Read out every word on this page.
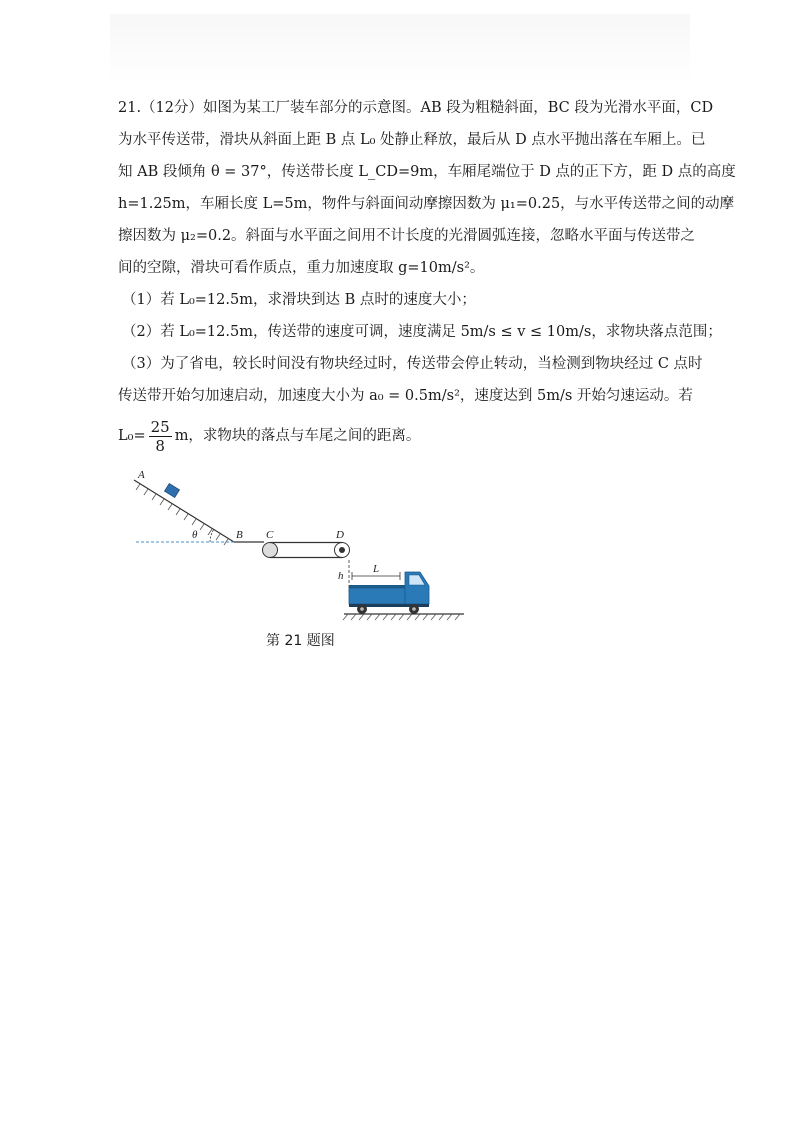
21.（12分）如图为某工厂装车部分的示意图。AB 段为粗糙斜面，BC 段为光滑水平面，CD

为水平传送带，滑块从斜面上距 B 点 L₀ 处静止释放，最后从 D 点水平抛出落在车厢上。已

知 AB 段倾角 θ = 37°，传送带长度 L_CD=9m，车厢尾端位于 D 点的正下方，距 D 点的高度

h=1.25m，车厢长度 L=5m，物件与斜面间动摩擦因数为 μ₁=0.25，与水平传送带之间的动摩

擦因数为 μ₂=0.2。斜面与水平面之间用不计长度的光滑圆弧连接，忽略水平面与传送带之

间的空隙，滑块可看作质点，重力加速度取 g=10m/s²。

（1）若 L₀=12.5m，求滑块到达 B 点时的速度大小；
（2）若 L₀=12.5m，传送带的速度可调，速度满足 5m/s ≤ v ≤ 10m/s，求物块落点范围；
（3）为了省电，较长时间没有物块经过时，传送带会停止转动，当检测到物块经过 C 点时
传送带开始匀加速启动，加速度大小为 a₀ = 0.5m/s²，速度达到 5m/s 开始匀速运动。若
$L_0= \frac{25}{8}$ m，求物块的落点与车尾之间的距离。
θ
A
B C	D
h
L
第 21 题图
